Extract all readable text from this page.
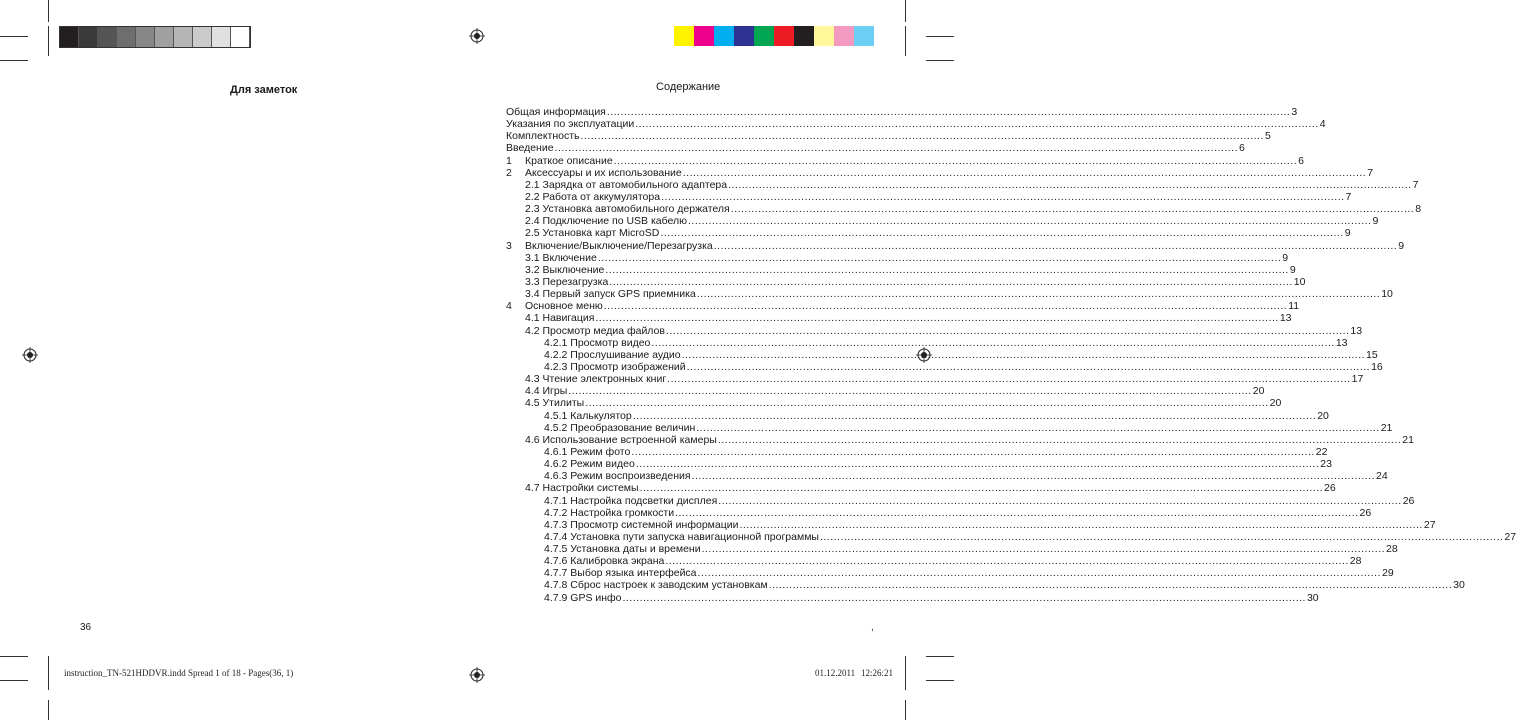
Для заметок
36
Содержание
Общая информация ........................................................................................................................................................................................................ 3
Указания по эксплуатации ........................................................................................................................................................................................................ 4
Комплектность ........................................................................................................................................................................................................ 5
Введение ........................................................................................................................................................................................................ 6
1 Краткое описание ........................................................................................................................................................................................................ 6
2 Аксессуары и их использование ........................................................................................................................................................................................................ 7
2.1 Зарядка от автомобильного адаптера ........................................................................................................................................................................................................ 7
2.2 Работа от аккумулятора ........................................................................................................................................................................................................ 7
2.3 Установка автомобильного держателя ........................................................................................................................................................................................................ 8
2.4 Подключение по USB кабелю ........................................................................................................................................................................................................ 9
2.5 Установка карт MicroSD ........................................................................................................................................................................................................ 9
3 Включение/Выключение/Перезагрузка ........................................................................................................................................................................................................ 9
3.1 Включение ........................................................................................................................................................................................................ 9
3.2 Выключение ........................................................................................................................................................................................................ 9
3.3 Перезагрузка ........................................................................................................................................................................................................ 10
3.4 Первый запуск GPS приемника ........................................................................................................................................................................................................ 10
4 Основное меню ........................................................................................................................................................................................................ 11
4.1 Навигация ........................................................................................................................................................................................................ 13
4.2 Просмотр медиа файлов ........................................................................................................................................................................................................ 13
4.2.1 Просмотр видео ........................................................................................................................................................................................................ 13
4.2.2 Прослушивание аудио ........................................................................................................................................................................................................ 15
4.2.3 Просмотр изображений ........................................................................................................................................................................................................ 16
4.3 Чтение электронных книг ........................................................................................................................................................................................................ 17
4.4 Игры ........................................................................................................................................................................................................ 20
4.5 Утилиты ........................................................................................................................................................................................................ 20
4.5.1 Калькулятор ........................................................................................................................................................................................................ 20
4.5.2 Преобразование величин ........................................................................................................................................................................................................ 21
4.6 Использование встроенной камеры ........................................................................................................................................................................................................ 21
4.6.1 Режим фото ........................................................................................................................................................................................................ 22
4.6.2 Режим видео ........................................................................................................................................................................................................ 23
4.6.3 Режим воспроизведения ........................................................................................................................................................................................................ 24
4.7 Настройки системы ........................................................................................................................................................................................................ 26
4.7.1 Настройка подсветки дисплея ........................................................................................................................................................................................................ 26
4.7.2 Настройка громкости ........................................................................................................................................................................................................ 26
4.7.3 Просмотр системной информации ........................................................................................................................................................................................................ 27
4.7.4 Установка пути запуска навигационной программы ........................................................................................................................................................................................................ 27
4.7.5 Установка даты и времени ........................................................................................................................................................................................................ 28
4.7.6 Калибровка экрана ........................................................................................................................................................................................................ 28
4.7.7 Выбор языка интерфейса ........................................................................................................................................................................................................ 29
4.7.8 Сброс настроек к заводским установкам ........................................................................................................................................................................................................ 30
4.7.9 GPS инфо ........................................................................................................................................................................................................ 30
,
instruction_TN-521HDDVR.indd Spread 1 of 18 - Pages(36, 1)	01.12.2011 12:26:21
